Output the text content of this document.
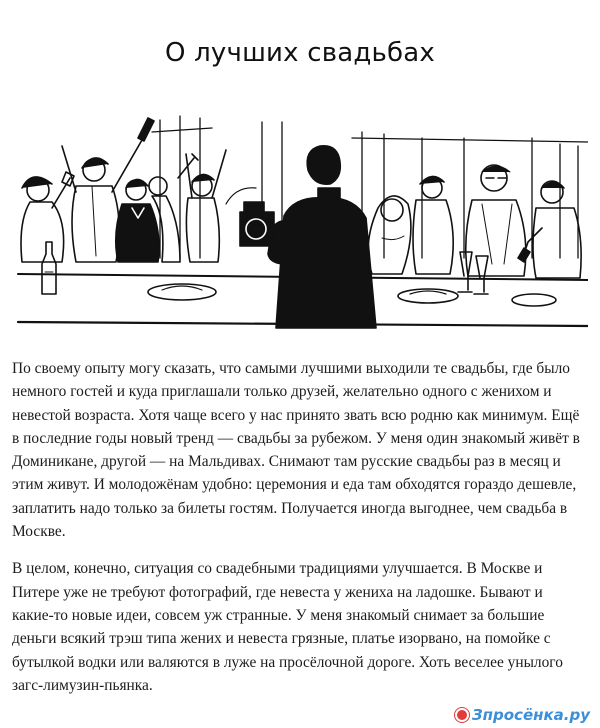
О лучших свадьбах

По своему опыту могу сказать, что самыми лучшими выходили те свадьбы, где было немного гостей и куда приглашали только друзей, желательно одного с женихом и невестой возраста. Хотя чаще всего у нас принято звать всю родню как минимум. Ещё в последние годы новый тренд — свадьбы за рубежом. У меня один знакомый живёт в Доминикане, другой — на Мальдивах. Снимают там русские свадьбы раз в месяц и этим живут. И молодожёнам удобно: церемония и еда там обходятся гораздо дешевле, заплатить надо только за билеты гостям. Получается иногда выгоднее, чем свадьба в Москве.

В целом, конечно, ситуация со свадебными традициями улучшается. В Москве и Питере уже не требуют фотографий, где невеста у жениха на ладошке. Бывают и какие-то новые идеи, совсем уж странные. У меня знакомый снимает за большие деньги всякий трэш типа жених и невеста грязные, платье изорвано, на помойке с бутылкой водки или валяются в луже на просёлочной дороге. Хоть веселее унылого загс-лимузин-пьянка.

Зпросёнка.ру
